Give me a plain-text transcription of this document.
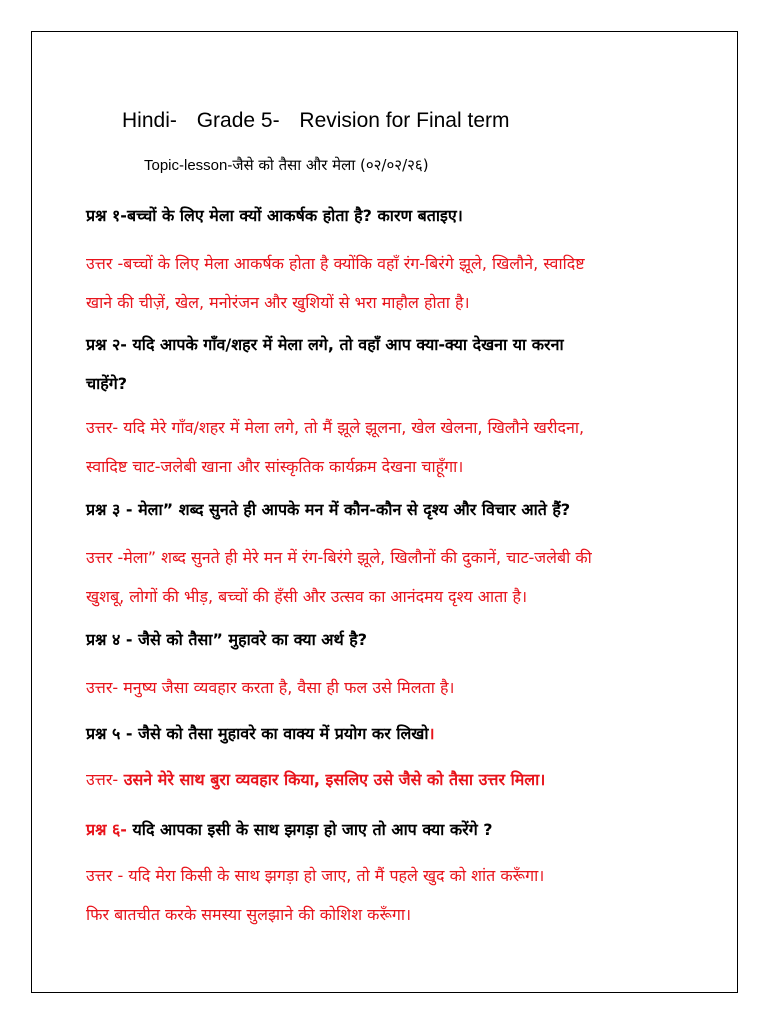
Hindi- Grade 5- Revision for Final term
Topic-lesson-जैसे को तैसा और मेला (०२/०२/२६)
प्रश्न १-बच्चों के लिए मेला क्यों आकर्षक होता है? कारण बताइए।
उत्तर -बच्चों के लिए मेला आकर्षक होता है क्योंकि वहाँ रंग-बिरंगे झूले, खिलौने, स्वादिष्ट
खाने की चीज़ें, खेल, मनोरंजन और खुशियों से भरा माहौल होता है।
प्रश्न २- यदि आपके गाँव/शहर में मेला लगे, तो वहाँ आप क्या-क्या देखना या करना
चाहेंगे?
उत्तर- यदि मेरे गाँव/शहर में मेला लगे, तो मैं झूले झूलना, खेल खेलना, खिलौने खरीदना,
स्वादिष्ट चाट-जलेबी खाना और सांस्कृतिक कार्यक्रम देखना चाहूँगा।
प्रश्न ३ - मेला” शब्द सुनते ही आपके मन में कौन-कौन से दृश्य और विचार आते हैं?
उत्तर -मेला” शब्द सुनते ही मेरे मन में रंग-बिरंगे झूले, खिलौनों की दुकानें, चाट-जलेबी की
खुशबू, लोगों की भीड़, बच्चों की हँसी और उत्सव का आनंदमय दृश्य आता है।
प्रश्न ४ - जैसे को तैसा” मुहावरे का क्या अर्थ है?
उत्तर- मनुष्य जैसा व्यवहार करता है, वैसा ही फल उसे मिलता है।
प्रश्न ५ - जैसे को तैसा मुहावरे का वाक्य में प्रयोग कर लिखो।
उत्तर- उसने मेरे साथ बुरा व्यवहार किया, इसलिए उसे जैसे को तैसा उत्तर मिला।
प्रश्न ६- यदि आपका इसी के साथ झगड़ा हो जाए तो आप क्या करेंगे ?
उत्तर - यदि मेरा किसी के साथ झगड़ा हो जाए, तो मैं पहले खुद को शांत करूँगा।
फिर बातचीत करके समस्या सुलझाने की कोशिश करूँगा।
